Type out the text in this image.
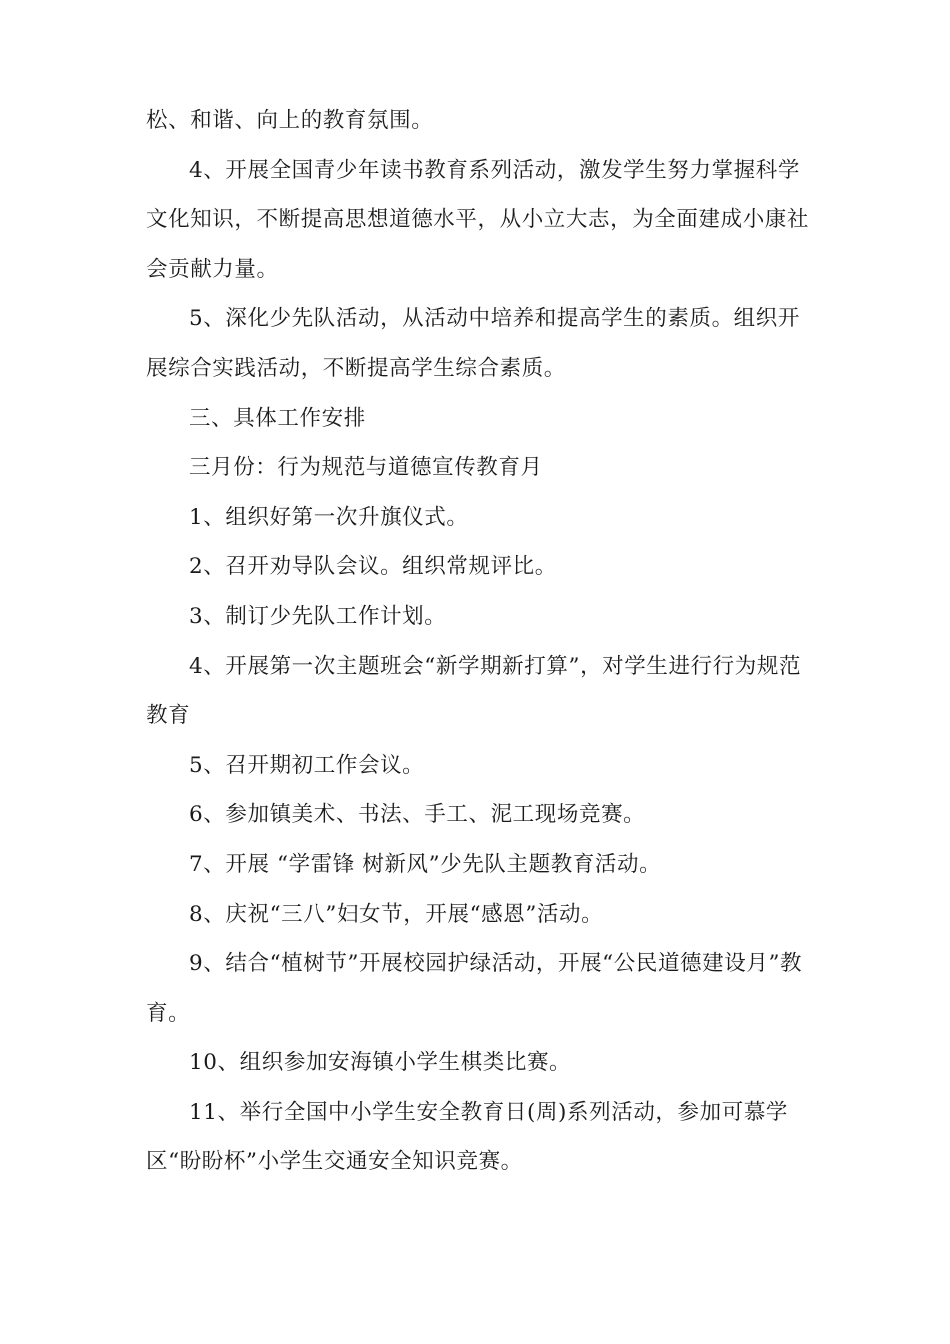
松、和谐、向上的教育氛围。

4、开展全国青少年读书教育系列活动，激发学生努力掌握科学文化知识，不断提高思想道德水平，从小立大志，为全面建成小康社会贡献力量。

5、深化少先队活动，从活动中培养和提高学生的素质。组织开展综合实践活动，不断提高学生综合素质。

三、具体工作安排

三月份：行为规范与道德宣传教育月

1、组织好第一次升旗仪式。

2、召开劝导队会议。组织常规评比。

3、制订少先队工作计划。

4、开展第一次主题班会“新学期新打算”，对学生进行行为规范教育

5、召开期初工作会议。

6、参加镇美术、书法、手工、泥工现场竞赛。

7、开展 “学雷锋 树新风”少先队主题教育活动。

8、庆祝“三八”妇女节，开展“感恩”活动。

9、结合“植树节”开展校园护绿活动，开展“公民道德建设月”教育。

10、组织参加安海镇小学生棋类比赛。

11、举行全国中小学生安全教育日(周)系列活动，参加可慕学区“盼盼杯”小学生交通安全知识竞赛。
